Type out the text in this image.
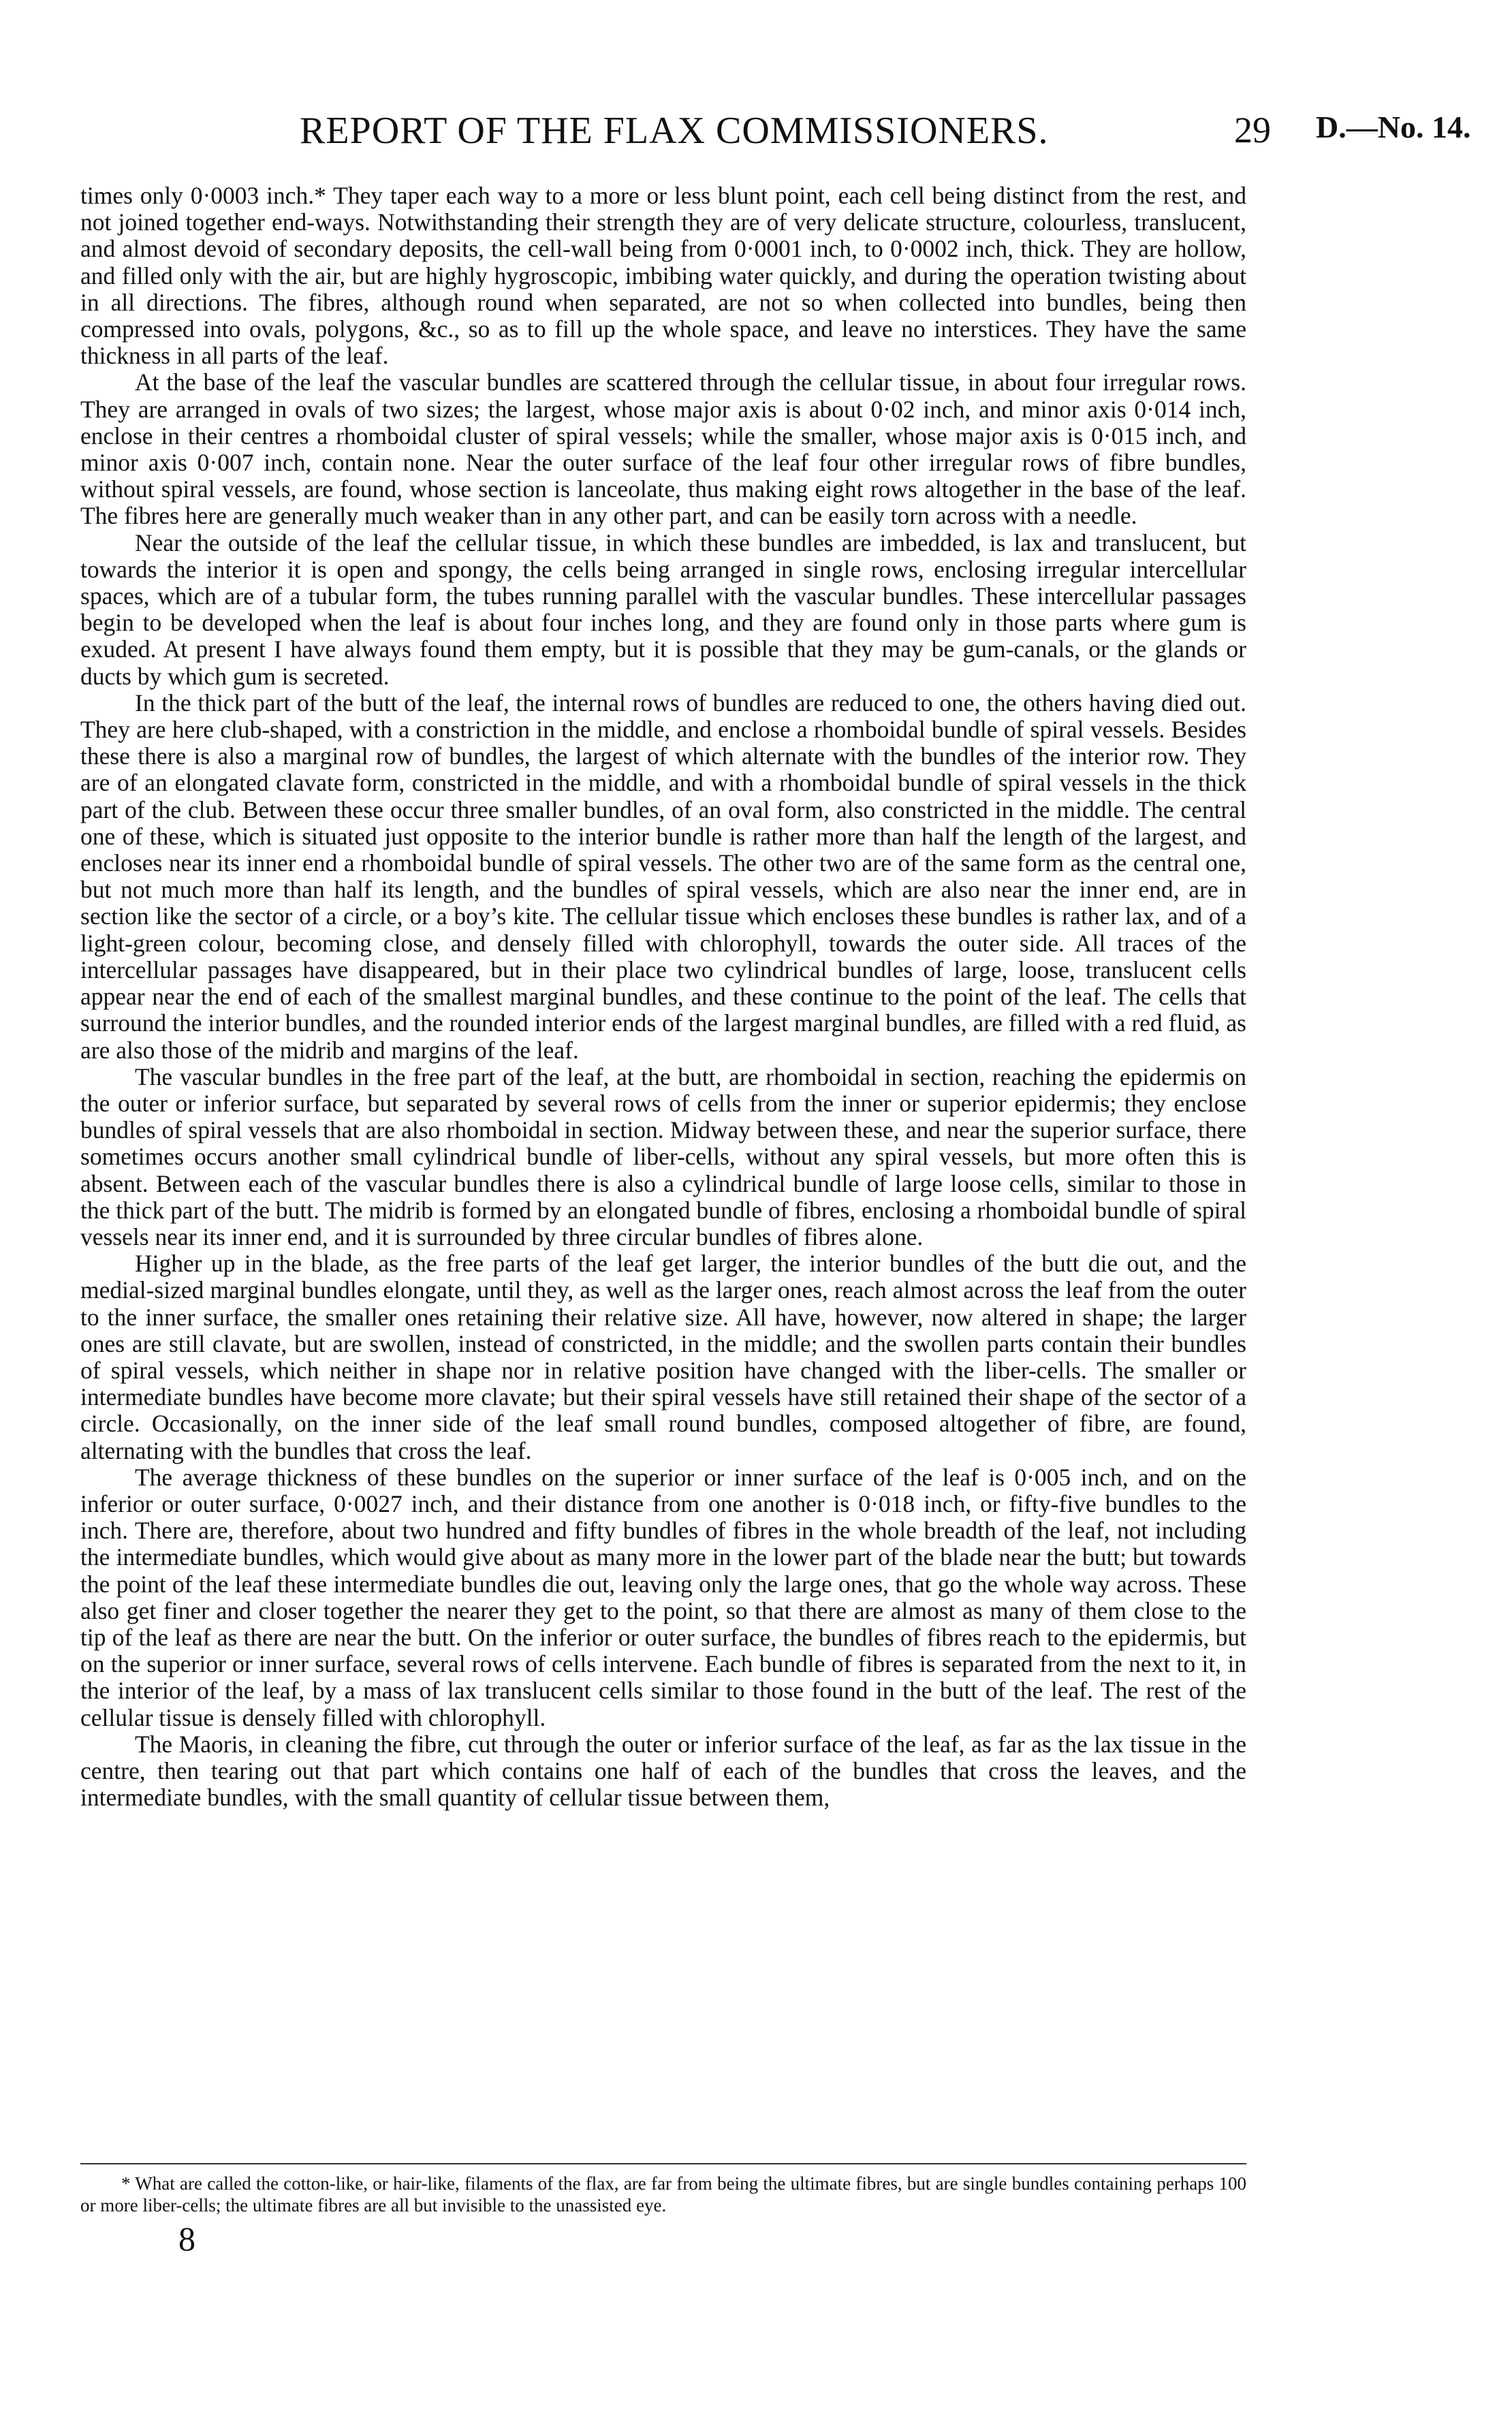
REPORT OF THE FLAX COMMISSIONERS.	29 D.—No. 14.

times only 0·0003 inch.* They taper each way to a more or less blunt point, each cell being distinct from the rest, and not joined together end-ways. Notwithstanding their strength they are of very delicate structure, colourless, translucent, and almost devoid of secondary deposits, the cell-wall being from 0·0001 inch, to 0·0002 inch, thick. They are hollow, and filled only with the air, but are highly hygroscopic, imbibing water quickly, and during the operation twisting about in all directions. The fibres, although round when separated, are not so when collected into bundles, being then compressed into ovals, polygons, &c., so as to fill up the whole space, and leave no interstices. They have the same thickness in all parts of the leaf.

At the base of the leaf the vascular bundles are scattered through the cellular tissue, in about four irregular rows. They are arranged in ovals of two sizes; the largest, whose major axis is about 0·02 inch, and minor axis 0·014 inch, enclose in their centres a rhomboidal cluster of spiral vessels; while the smaller, whose major axis is 0·015 inch, and minor axis 0·007 inch, contain none. Near the outer surface of the leaf four other irregular rows of fibre bundles, without spiral vessels, are found, whose section is lanceolate, thus making eight rows altogether in the base of the leaf. The fibres here are generally much weaker than in any other part, and can be easily torn across with a needle.

Near the outside of the leaf the cellular tissue, in which these bundles are imbedded, is lax and translucent, but towards the interior it is open and spongy, the cells being arranged in single rows, enclosing irregular intercellular spaces, which are of a tubular form, the tubes running parallel with the vascular bundles. These intercellular passages begin to be developed when the leaf is about four inches long, and they are found only in those parts where gum is exuded. At present I have always found them empty, but it is possible that they may be gum-canals, or the glands or ducts by which gum is secreted.

In the thick part of the butt of the leaf, the internal rows of bundles are reduced to one, the others having died out. They are here club-shaped, with a constriction in the middle, and enclose a rhomboidal bundle of spiral vessels. Besides these there is also a marginal row of bundles, the largest of which alternate with the bundles of the interior row. They are of an elongated clavate form, constricted in the middle, and with a rhomboidal bundle of spiral vessels in the thick part of the club. Between these occur three smaller bundles, of an oval form, also constricted in the middle. The central one of these, which is situated just opposite to the interior bundle is rather more than half the length of the largest, and encloses near its inner end a rhomboidal bundle of spiral vessels. The other two are of the same form as the central one, but not much more than half its length, and the bundles of spiral vessels, which are also near the inner end, are in section like the sector of a circle, or a boy’s kite. The cellular tissue which encloses these bundles is rather lax, and of a light-green colour, becoming close, and densely filled with chlorophyll, towards the outer side. All traces of the intercellular passages have disappeared, but in their place two cylindrical bundles of large, loose, translucent cells appear near the end of each of the smallest marginal bundles, and these continue to the point of the leaf. The cells that surround the interior bundles, and the rounded interior ends of the largest marginal bundles, are filled with a red fluid, as are also those of the midrib and margins of the leaf.

The vascular bundles in the free part of the leaf, at the butt, are rhomboidal in section, reaching the epidermis on the outer or inferior surface, but separated by several rows of cells from the inner or superior epidermis; they enclose bundles of spiral vessels that are also rhomboidal in section. Midway between these, and near the superior surface, there sometimes occurs another small cylindrical bundle of liber-cells, without any spiral vessels, but more often this is absent. Between each of the vascular bundles there is also a cylindrical bundle of large loose cells, similar to those in the thick part of the butt. The midrib is formed by an elongated bundle of fibres, enclosing a rhomboidal bundle of spiral vessels near its inner end, and it is surrounded by three circular bundles of fibres alone.

Higher up in the blade, as the free parts of the leaf get larger, the interior bundles of the butt die out, and the medial-sized marginal bundles elongate, until they, as well as the larger ones, reach almost across the leaf from the outer to the inner surface, the smaller ones retaining their relative size. All have, however, now altered in shape; the larger ones are still clavate, but are swollen, instead of constricted, in the middle; and the swollen parts contain their bundles of spiral vessels, which neither in shape nor in relative position have changed with the liber-cells. The smaller or intermediate bundles have become more clavate; but their spiral vessels have still retained their shape of the sector of a circle. Occasionally, on the inner side of the leaf small round bundles, composed altogether of fibre, are found, alternating with the bundles that cross the leaf.

The average thickness of these bundles on the superior or inner surface of the leaf is 0·005 inch, and on the inferior or outer surface, 0·0027 inch, and their distance from one another is 0·018 inch, or fifty-five bundles to the inch. There are, therefore, about two hundred and fifty bundles of fibres in the whole breadth of the leaf, not including the intermediate bundles, which would give about as many more in the lower part of the blade near the butt; but towards the point of the leaf these intermediate bundles die out, leaving only the large ones, that go the whole way across. These also get finer and closer together the nearer they get to the point, so that there are almost as many of them close to the tip of the leaf as there are near the butt. On the inferior or outer surface, the bundles of fibres reach to the epidermis, but on the superior or inner surface, several rows of cells intervene. Each bundle of fibres is separated from the next to it, in the interior of the leaf, by a mass of lax translucent cells similar to those found in the butt of the leaf. The rest of the cellular tissue is densely filled with chlorophyll.

The Maoris, in cleaning the fibre, cut through the outer or inferior surface of the leaf, as far as the lax tissue in the centre, then tearing out that part which contains one half of each of the bundles that cross the leaves, and the intermediate bundles, with the small quantity of cellular tissue between them,

* What are called the cotton-like, or hair-like, filaments of the flax, are far from being the ultimate fibres, but are single bundles containing perhaps 100 or more liber-cells; the ultimate fibres are all but invisible to the unassisted eye.

8
